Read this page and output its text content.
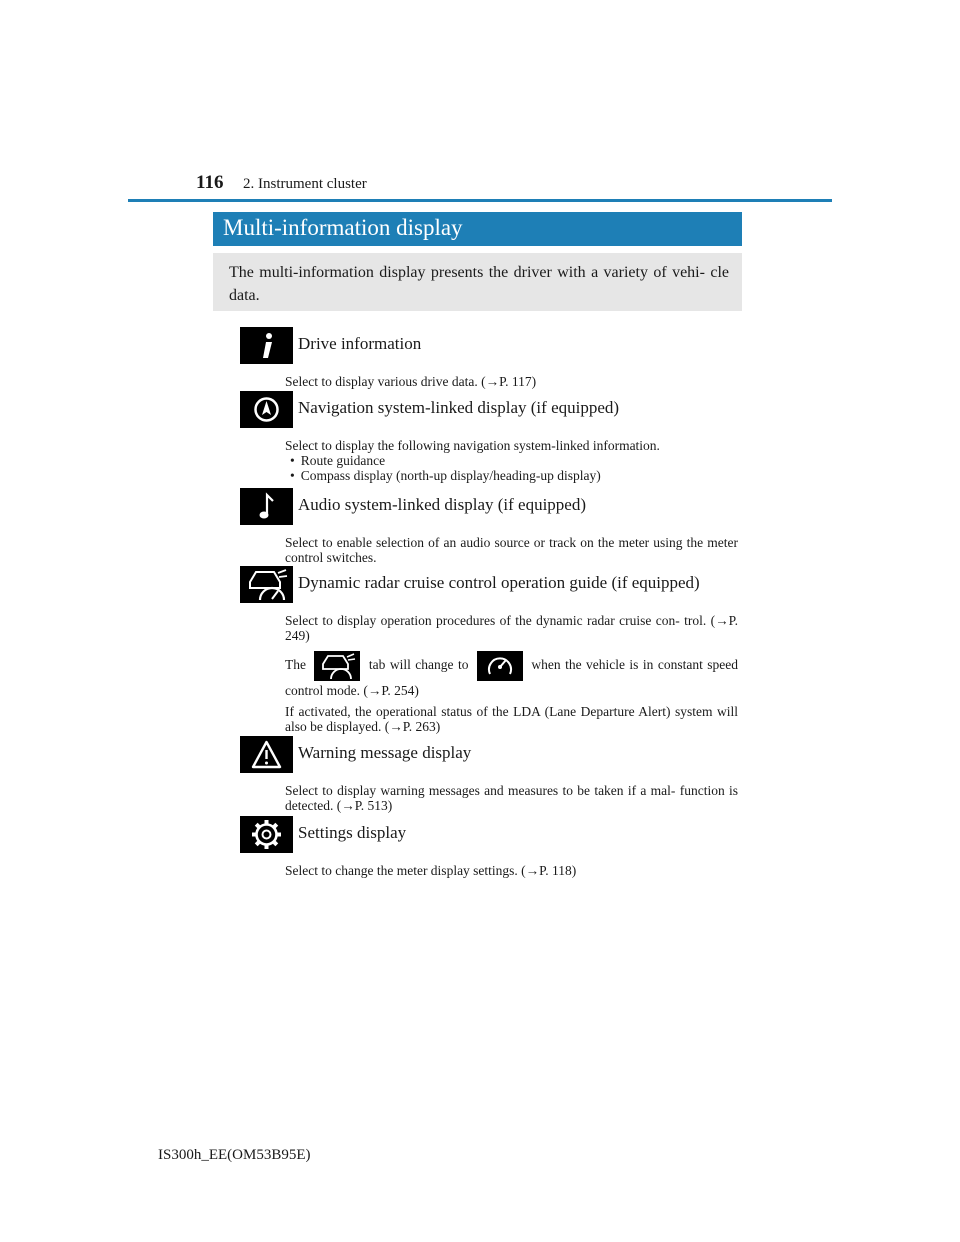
116 2. Instrument cluster
Multi-information display
The multi-information display presents the driver with a variety of vehi- cle data.
Drive information

Select to display various drive data. (→P. 117)

Navigation system-linked display (if equipped)

Select to display the following navigation system-linked information.

• Route guidance
• Compass display (north-up display/heading-up display)
Audio system-linked display (if equipped)

Select to enable selection of an audio source or track on the meter using the meter control switches.

Dynamic radar cruise control operation guide (if equipped)

Select to display operation procedures of the dynamic radar cruise con- trol. (→P. 249)

The	tab will change to	when the vehicle is in constant speed control mode. (→P. 254)

If activated, the operational status of the LDA (Lane Departure Alert) system will also be displayed. (→P. 263)

Warning message display

Select to display warning messages and measures to be taken if a mal- function is detected. (→P. 513)

Settings display

Select to change the meter display settings. (→P. 118)

IS300h_EE(OM53B95E)
